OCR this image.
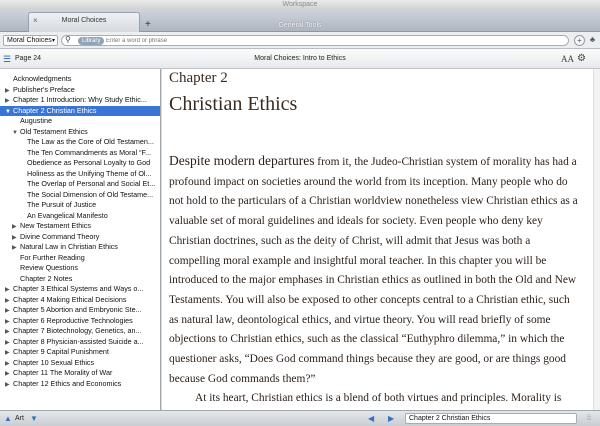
Workspace
×	Moral Choices	+	General Tools
Moral Choices ▾ ⚲	Library
Enter a word or phrase	+	♣
☰ Page 24	Moral Choices: Intro to Ethics	AA ⚙
Acknowledgments
▶ Publisher's Preface
▶ Chapter 1 Introduction: Why Study Ethic...
▼ Chapter 2 Christian Ethics
Augustine
▼ Old Testament Ethics
The Law as the Core of Old Testamen...
The Ten Commandments as Moral “F...
Obedience as Personal Loyalty to God
Holiness as the Unifying Theme of Ol...
The Overlap of Personal and Social Et...
The Social Dimension of Old Testame...
The Pursuit of Justice
An Evangelical Manifesto
▶ New Testament Ethics
▶ Divine Command Theory
▶ Natural Law in Christian Ethics
For Further Reading
Review Questions
Chapter 2 Notes
▶ Chapter 3 Ethical Systems and Ways o...
▶ Chapter 4 Making Ethical Decisions
▶ Chapter 5 Abortion and Embryonic Ste...
▶ Chapter 6 Reproductive Technologies
▶ Chapter 7 Biotechnology, Genetics, an...
▶ Chapter 8 Physician-assisted Suicide a...
▶ Chapter 9 Capital Punishment
▶ Chapter 10 Sexual Ethics
▶ Chapter 11 The Morality of War
▶ Chapter 12 Ethics and Economics
Chapter 2
Christian Ethics

Despite modern departures from it, the Judeo-Christian system of morality has had a profound impact on societies around the world from its inception. Many people who do not hold to the particulars of a Christian worldview nonetheless view Christian ethics as a valuable set of moral guidelines and ideals for society. Even people who deny key Christian doctrines, such as the deity of Christ, will admit that Jesus was both a compelling moral example and insightful moral teacher. In this chapter you will be introduced to the major emphases in Christian ethics as outlined in both the Old and New Testaments. You will also be exposed to other concepts central to a Christian ethic, such as natural law, deontological ethics, and virtue theory. You will read briefly of some objections to Christian ethics, such as the classical “Euthyphro dilemma,” in which the questioner asks, “Does God command things because they are good, or are things good because God commands them?”

At its heart, Christian ethics is a blend of both virtues and principles. Morality is

▲ Art ▼	◀ ▶	Chapter 2 Christian Ethics	⁞⁞
